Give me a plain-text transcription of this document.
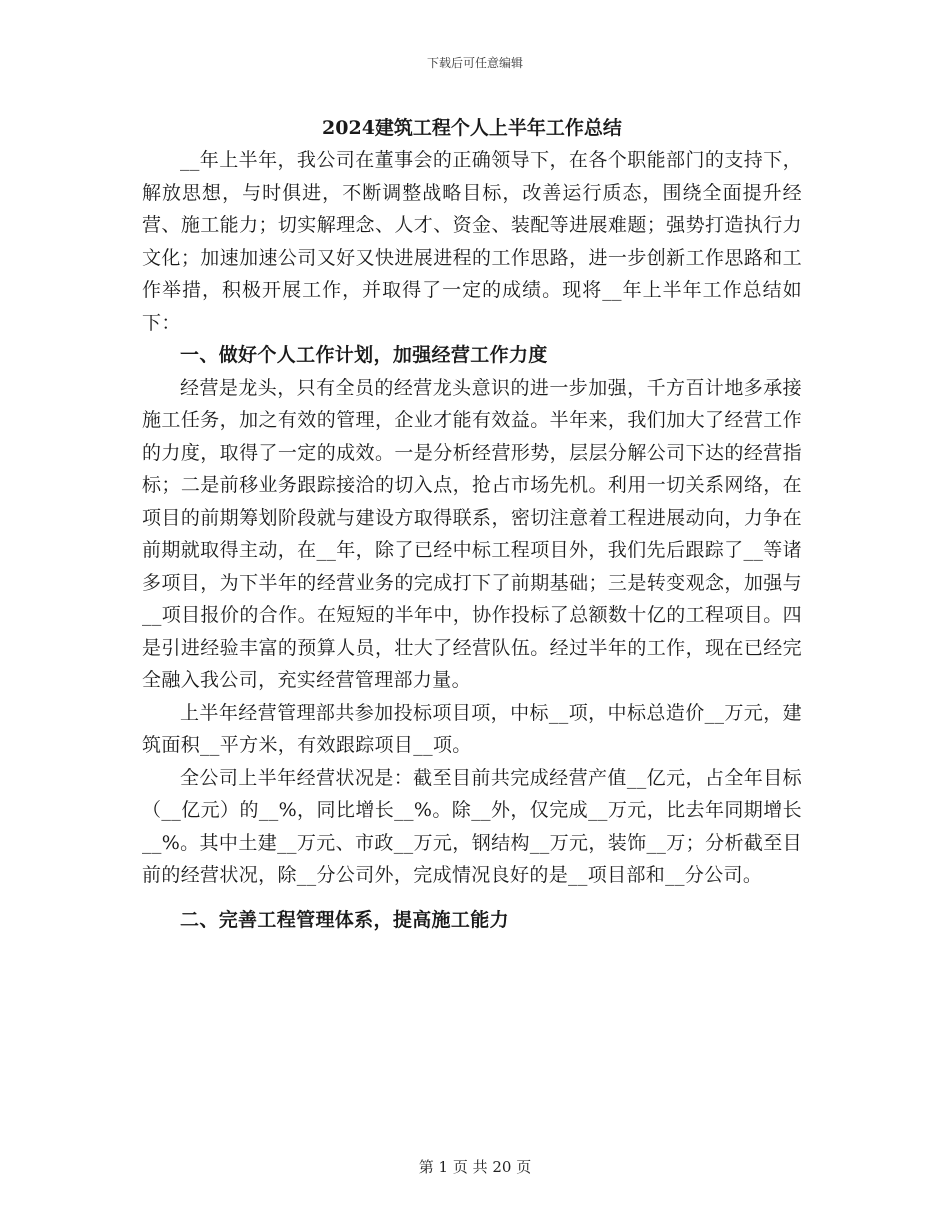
下载后可任意编辑
2024建筑工程个人上半年工作总结

__年上半年，我公司在董事会的正确领导下，在各个职能部门的支持下，解放思想，与时俱进，不断调整战略目标，改善运行质态，围绕全面提升经营、施工能力；切实解理念、人才、资金、装配等进展难题；强势打造执行力文化；加速加速公司又好又快进展进程的工作思路，进一步创新工作思路和工作举措，积极开展工作，并取得了一定的成绩。现将__年上半年工作总结如下：

一、做好个人工作计划，加强经营工作力度

经营是龙头，只有全员的经营龙头意识的进一步加强，千方百计地多承接施工任务，加之有效的管理，企业才能有效益。半年来，我们加大了经营工作的力度，取得了一定的成效。一是分析经营形势，层层分解公司下达的经营指标；二是前移业务跟踪接洽的切入点，抢占市场先机。利用一切关系网络，在项目的前期筹划阶段就与建设方取得联系，密切注意着工程进展动向，力争在前期就取得主动，在__年，除了已经中标工程项目外，我们先后跟踪了__等诸多项目，为下半年的经营业务的完成打下了前期基础；三是转变观念，加强与__项目报价的合作。在短短的半年中，协作投标了总额数十亿的工程项目。四是引进经验丰富的预算人员，壮大了经营队伍。经过半年的工作，现在已经完全融入我公司，充实经营管理部力量。

上半年经营管理部共参加投标项目项，中标__项，中标总造价__万元，建筑面积__平方米，有效跟踪项目__项。

全公司上半年经营状况是：截至目前共完成经营产值__亿元，占全年目标（__亿元）的__%，同比增长__%。除__外，仅完成__万元，比去年同期增长__%。其中土建__万元、市政__万元，钢结构__万元，装饰__万；分析截至目前的经营状况，除__分公司外，完成情况良好的是__项目部和__分公司。

二、完善工程管理体系，提高施工能力

第 1 页 共 20 页
